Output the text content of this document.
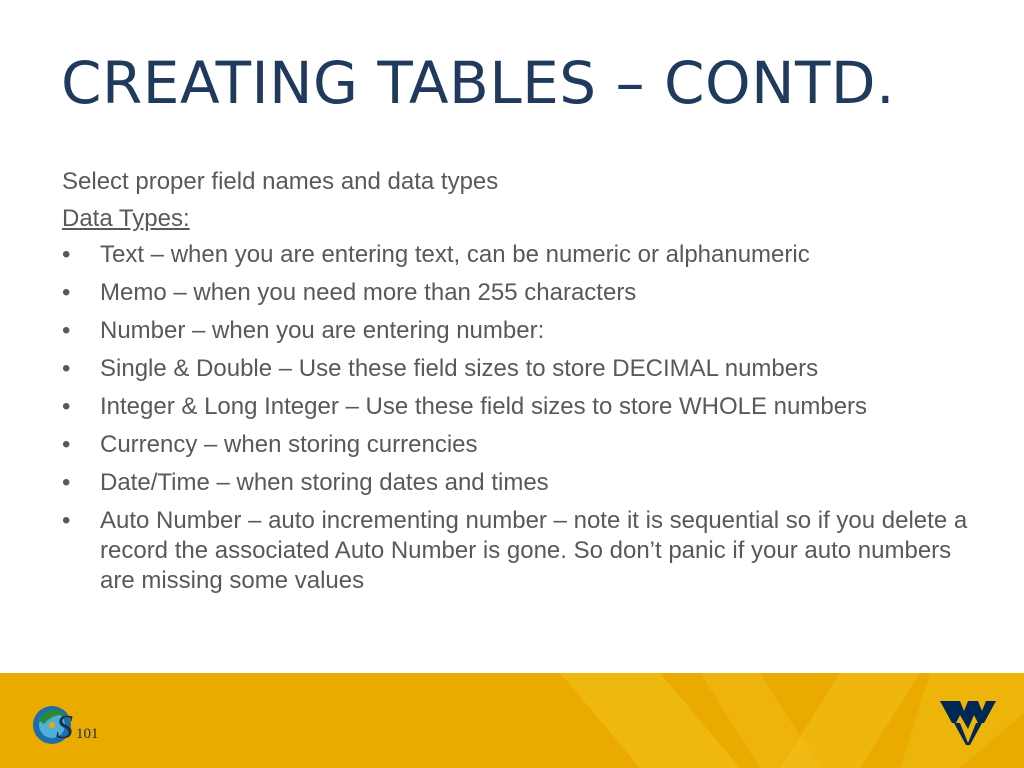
CREATING TABLES – CONTD.

Select proper field names and data types

Data Types:

•	Text – when you are entering text, can be numeric or alphanumeric
•	Memo – when you need more than 255 characters
•	Number – when you are entering number:
•	Single & Double – Use these field sizes to store DECIMAL numbers
•	Integer & Long Integer – Use these field sizes to store WHOLE numbers
•	Currency – when storing currencies
•	Date/Time – when storing dates and times
•	Auto Number – auto incrementing number – note it is sequential so if you delete a record the associated Auto Number is gone. So don’t panic if your auto numbers are missing some values
S 101
